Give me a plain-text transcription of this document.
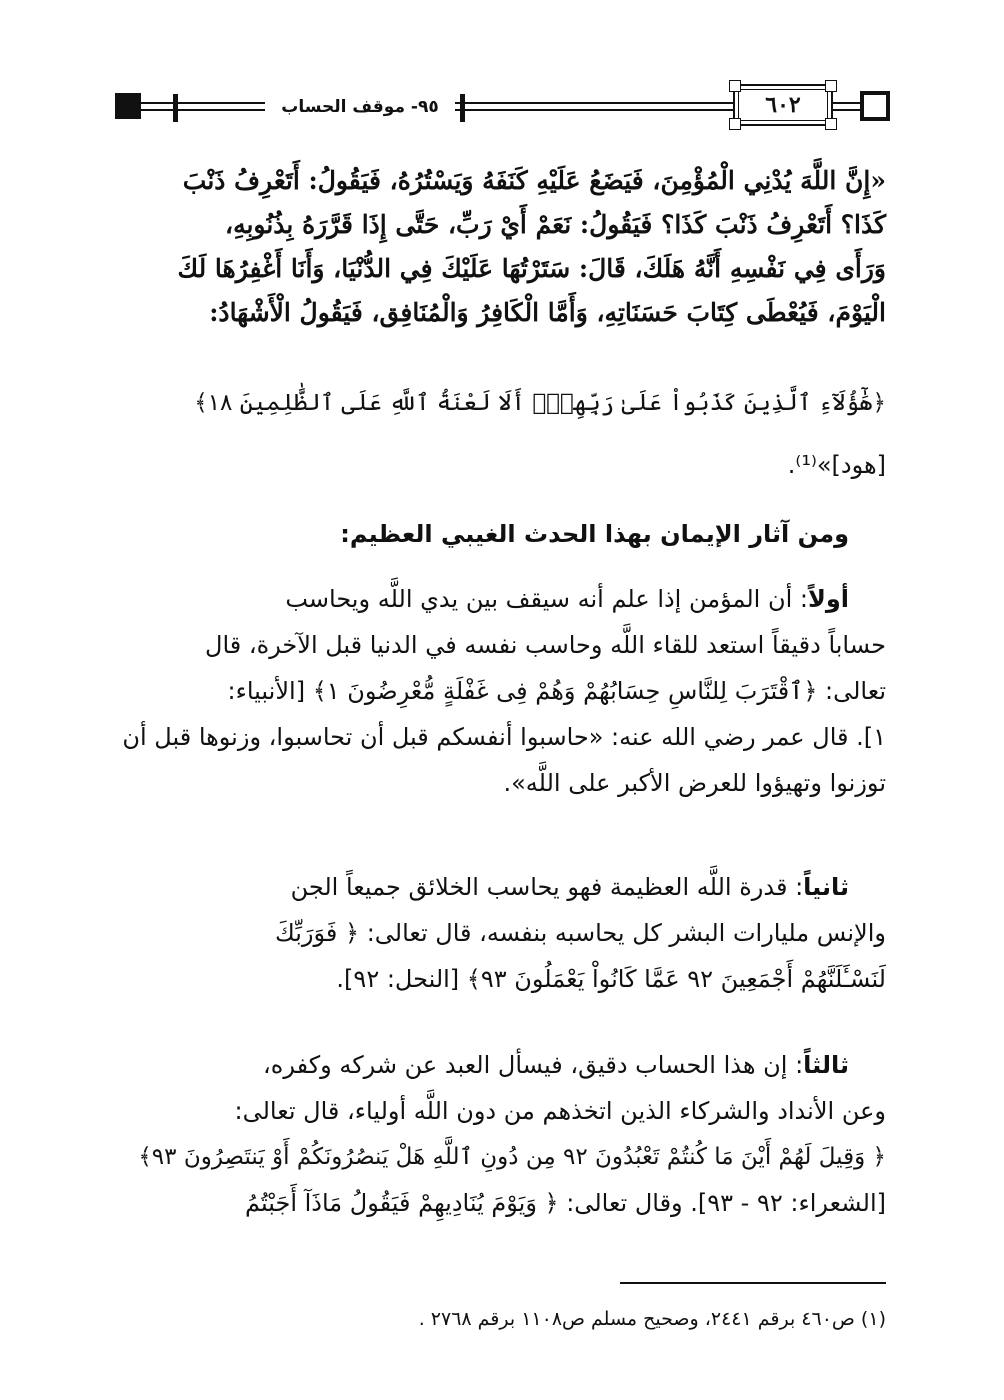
٩٥- موقف الحساب	٦٠٢
«إِنَّ اللَّهَ يُدْنِي الْمُؤْمِنَ، فَيَضَعُ عَلَيْهِ كَنَفَهُ وَيَسْتُرُهُ، فَيَقُولُ: أَتَعْرِفُ ذَنْبَ
كَذَا؟ أَتَعْرِفُ ذَنْبَ كَذَا؟ فَيَقُولُ: نَعَمْ أَيْ رَبِّ، حَتَّى إِذَا قَرَّرَهُ بِذُنُوبِهِ،
وَرَأَى فِي نَفْسِهِ أَنَّهُ هَلَكَ، قَالَ: سَتَرْتُهَا عَلَيْكَ فِي الدُّنْيَا، وَأَنَا أَغْفِرُهَا لَكَ
الْيَوْمَ، فَيُعْطَى كِتَابَ حَسَنَاتِهِ، وَأَمَّا الْكَافِرُ وَالْمُنَافِق، فَيَقُولُ الْأَشْهَادُ:
﴿هَٰٓؤُلَآءِ ٱلَّذِينَ كَذَبُواْ عَلَىٰ رَبِّهِمْۚ أَلَا لَعْنَةُ ٱللَّهِ عَلَى ٱلظَّٰلِمِينَ ١٨﴾
[هود]»⁽¹⁾.
ومن آثار الإيمان بهذا الحدث الغيبي العظيم:
أولاً: أن المؤمن إذا علم أنه سيقف بين يدي اللَّه ويحاسب
حساباً دقيقاً استعد للقاء اللَّه وحاسب نفسه في الدنيا قبل الآخرة، قال
تعالى: ﴿ٱقْتَرَبَ لِلنَّاسِ حِسَابُهُمْ وَهُمْ فِى غَفْلَةٍ مُّعْرِضُونَ ١﴾ [الأنبياء:
١]. قال عمر رضي الله عنه: «حاسبوا أنفسكم قبل أن تحاسبوا، وزنوها قبل أن
توزنوا وتهيؤوا للعرض الأكبر على اللَّه».
ثانياً: قدرة اللَّه العظيمة فهو يحاسب الخلائق جميعاً الجن
والإنس مليارات البشر كل يحاسبه بنفسه، قال تعالى: ﴿ فَوَرَبِّكَ
لَنَسْـَٔلَنَّهُمْ أَجْمَعِينَ ٩٢ عَمَّا كَانُواْ يَعْمَلُونَ ٩٣﴾ [النحل: ٩٢].
ثالثاً: إن هذا الحساب دقيق، فيسأل العبد عن شركه وكفره،
وعن الأنداد والشركاء الذين اتخذهم من دون اللَّه أولياء، قال تعالى:
﴿ وَقِيلَ لَهُمْ أَيْنَ مَا كُنتُمْ تَعْبُدُونَ ٩٢ مِن دُونِ ٱللَّهِ هَلْ يَنصُرُونَكُمْ أَوْ يَنتَصِرُونَ ٩٣﴾
[الشعراء: ٩٢ - ٩٣]. وقال تعالى: ﴿ وَيَوْمَ يُنَادِيهِمْ فَيَقُولُ مَاذَآ أَجَبْتُمُ
(١) ص٤٦٠ برقم ٢٤٤١، وصحيح مسلم ص١١٠٨ برقم ٢٧٦٨ .
